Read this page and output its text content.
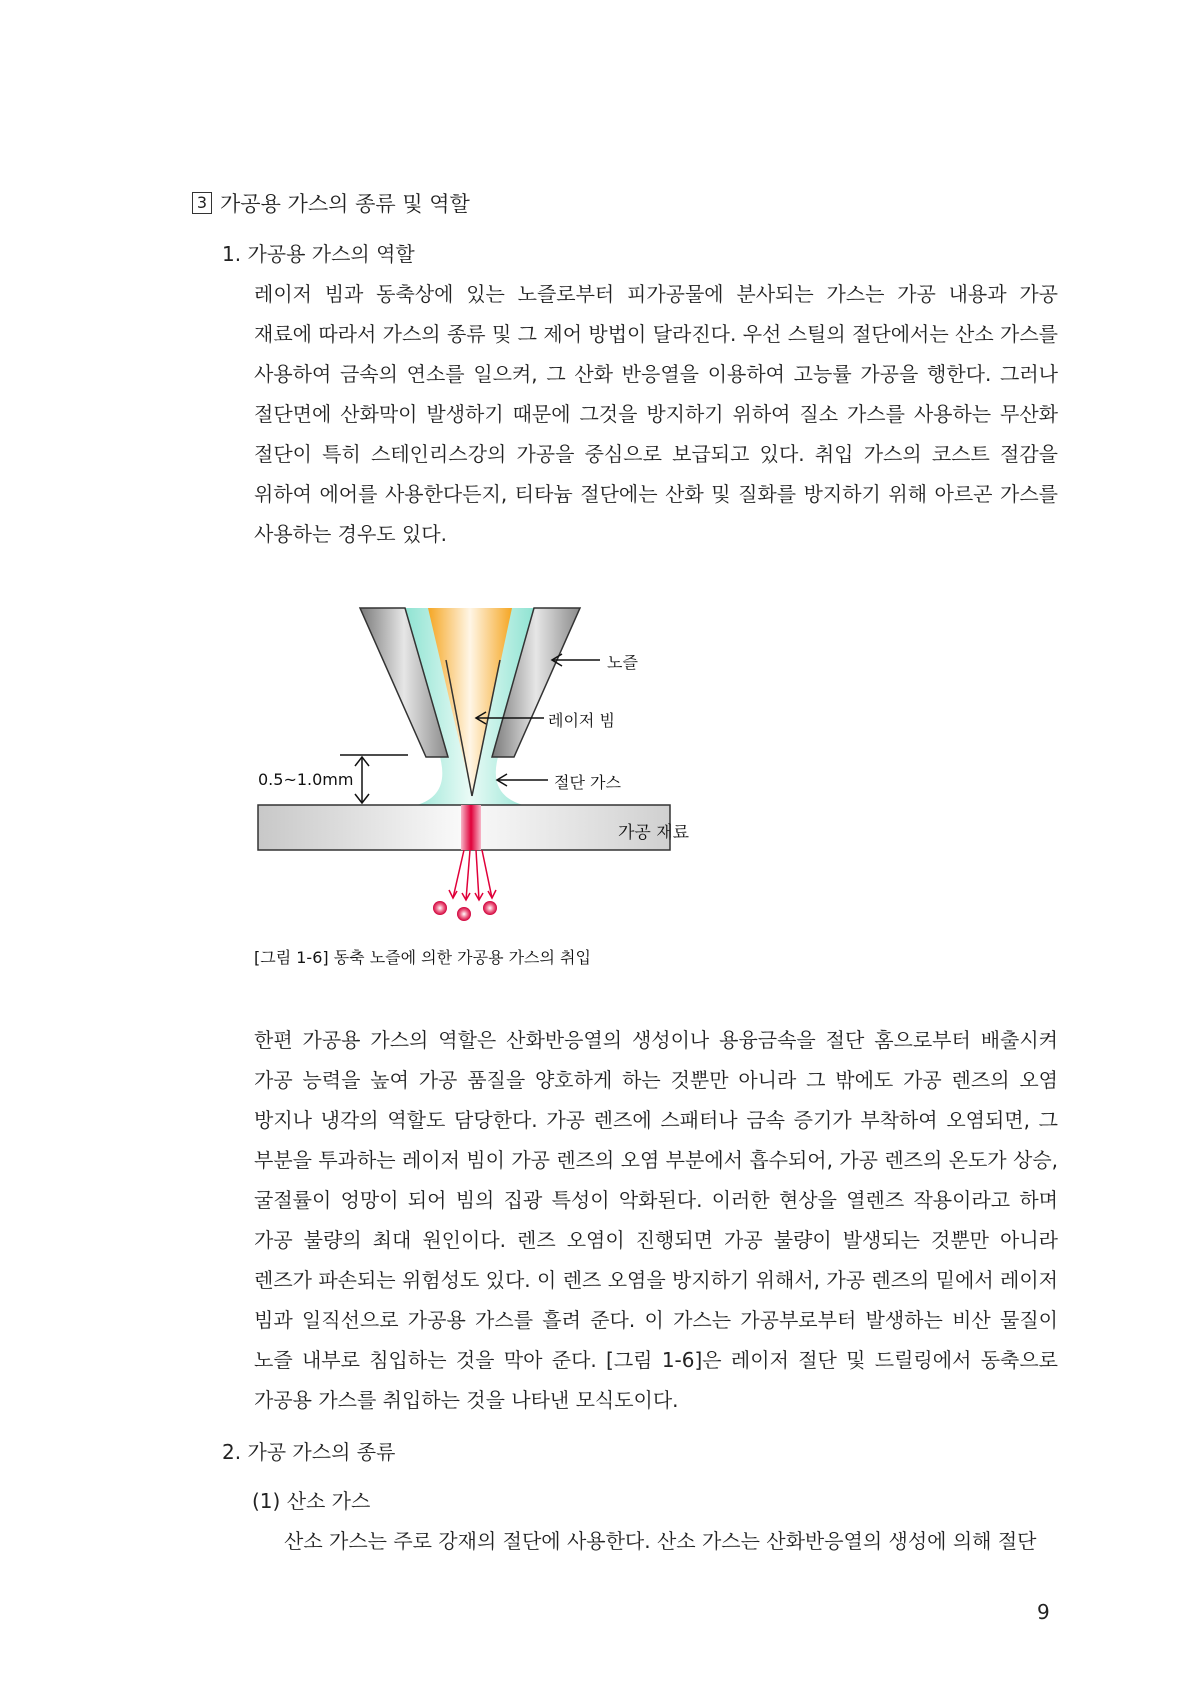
3 가공용 가스의 종류 및 역할
1. 가공용 가스의 역할

레이저 빔과 동축상에 있는 노즐로부터 피가공물에 분사되는 가스는 가공 내용과 가공 재료에 따라서 가스의 종류 및 그 제어 방법이 달라진다. 우선 스틸의 절단에서는 산소 가스를 사용하여 금속의 연소를 일으켜, 그 산화 반응열을 이용하여 고능률 가공을 행한다. 그러나 절단면에 산화막이 발생하기 때문에 그것을 방지하기 위하여 질소 가스를 사용하는 무산화 절단이 특히 스테인리스강의 가공을 중심으로 보급되고 있다. 취입 가스의 코스트 절감을 위하여 에어를 사용한다든지, 티타늄 절단에는 산화 및 질화를 방지하기 위해 아르곤 가스를 사용하는 경우도 있다.

노즐
레이저 빔
절단 가스
0.5~1.0mm
가공 재료
[그림 1-6] 동축 노즐에 의한 가공용 가스의 취입

한편 가공용 가스의 역할은 산화반응열의 생성이나 용융금속을 절단 홈으로부터 배출시켜 가공 능력을 높여 가공 품질을 양호하게 하는 것뿐만 아니라 그 밖에도 가공 렌즈의 오염 방지나 냉각의 역할도 담당한다. 가공 렌즈에 스패터나 금속 증기가 부착하여 오염되면, 그 부분을 투과하는 레이저 빔이 가공 렌즈의 오염 부분에서 흡수되어, 가공 렌즈의 온도가 상승, 굴절률이 엉망이 되어 빔의 집광 특성이 악화된다. 이러한 현상을 열렌즈 작용이라고 하며 가공 불량의 최대 원인이다. 렌즈 오염이 진행되면 가공 불량이 발생되는 것뿐만 아니라 렌즈가 파손되는 위험성도 있다. 이 렌즈 오염을 방지하기 위해서, 가공 렌즈의 밑에서 레이저 빔과 일직선으로 가공용 가스를 흘려 준다. 이 가스는 가공부로부터 발생하는 비산 물질이 노즐 내부로 침입하는 것을 막아 준다. [그림 1-6]은 레이저 절단 및 드릴링에서 동축으로 가공용 가스를 취입하는 것을 나타낸 모식도이다.

2. 가공 가스의 종류
(1) 산소 가스

산소 가스는 주로 강재의 절단에 사용한다. 산소 가스는 산화반응열의 생성에 의해 절단

9
